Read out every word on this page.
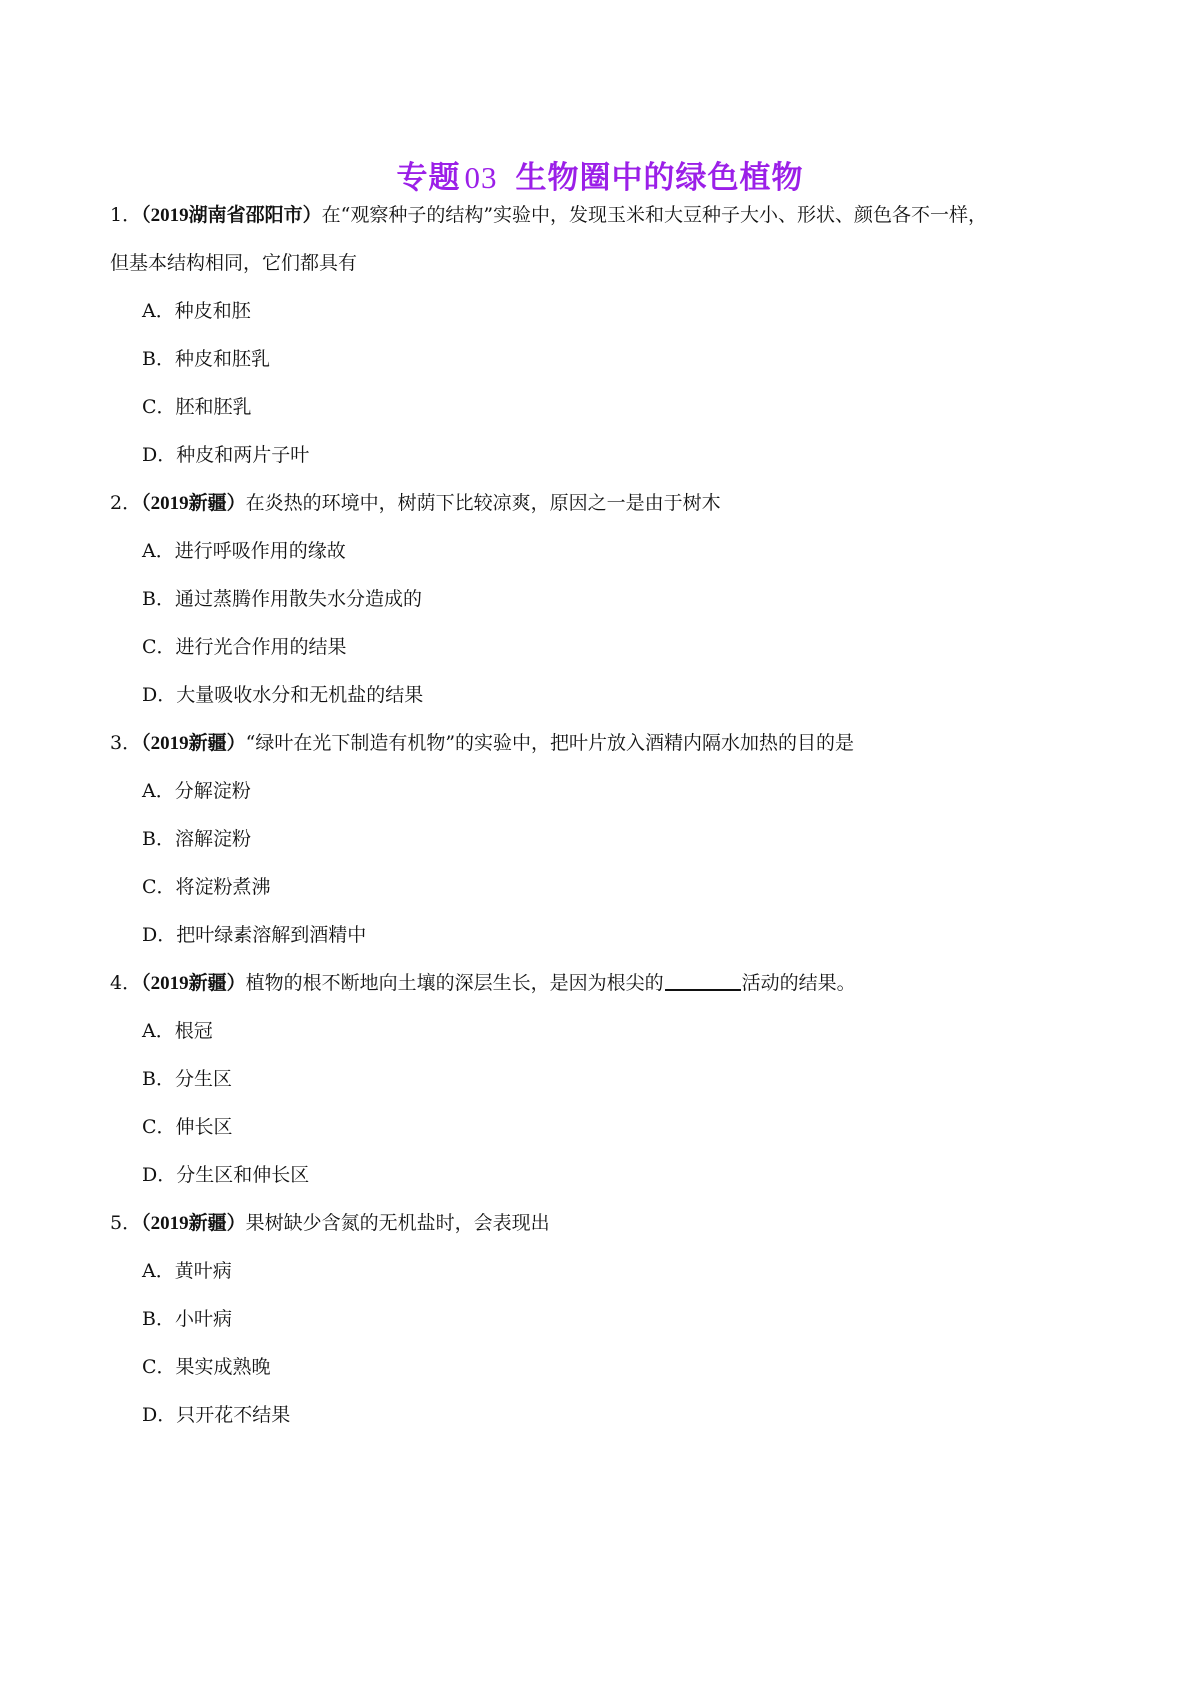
专题 03 生物圈中的绿色植物
1．（2019湖南省邵阳市）在“观察种子的结构”实验中，发现玉米和大豆种子大小、形状、颜色各不一样，
但基本结构相同，它们都具有
A．种皮和胚
B．种皮和胚乳
C．胚和胚乳
D．种皮和两片子叶
2．（2019新疆）在炎热的环境中，树荫下比较凉爽，原因之一是由于树木
A．进行呼吸作用的缘故
B．通过蒸腾作用散失水分造成的
C．进行光合作用的结果
D．大量吸收水分和无机盐的结果
3．（2019新疆）“绿叶在光下制造有机物”的实验中，把叶片放入酒精内隔水加热的目的是
A．分解淀粉
B．溶解淀粉
C．将淀粉煮沸
D．把叶绿素溶解到酒精中
4．（2019新疆）植物的根不断地向土壤的深层生长，是因为根尖的	活动的结果。
A．根冠
B．分生区
C．伸长区
D．分生区和伸长区
5．（2019新疆）果树缺少含氮的无机盐时，会表现出
A．黄叶病
B．小叶病
C．果实成熟晚
D．只开花不结果
